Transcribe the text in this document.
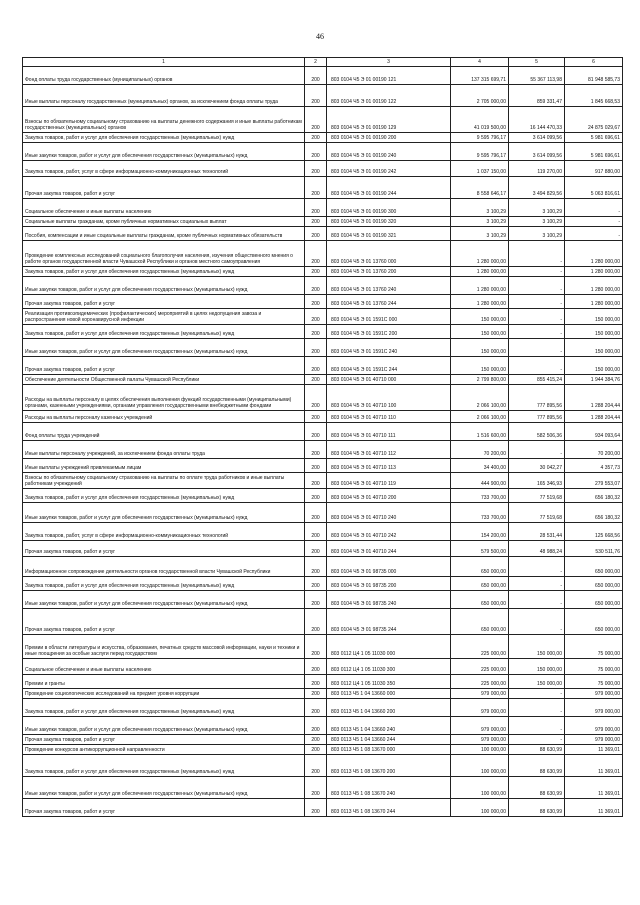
46
1	2	3	4	5	6
Фонд оплаты труда государственных (муниципальных) органов	200	803 0104 Ч5 Э 01 00190 121	137 315 699,71	55 367 113,98	81 948 585,73
Иные выплаты персоналу государственных (муниципальных) органов, за исключением фонда оплаты труда	200	803 0104 Ч5 Э 01 00190 122	2 705 000,00	859 331,47	1 845 668,53
Взносы по обязательному социальному страхованию на выплаты денежного содержания и иные выплаты работникам государственных (муниципальных) органов	200	803 0104 Ч5 Э 01 00190 129	41 019 500,00	16 144 470,33	24 875 029,67
Закупка товаров, работ и услуг для обеспечения государственных (муниципальных) нужд	200	803 0104 Ч5 Э 01 00190 200	9 595 796,17	3 614 099,56	5 981 696,61
Иные закупки товаров, работ и услуг для обеспечения государственных (муниципальных) нужд	200	803 0104 Ч5 Э 01 00190 240	9 595 796,17	3 614 099,56	5 981 696,61
Закупка товаров, работ, услуг в сфере информационно-коммуникационных технологий	200	803 0104 Ч5 Э 01 00190 242	1 037 150,00	119 270,00	917 880,00
Прочая закупка товаров, работ и услуг	200	803 0104 Ч5 Э 01 00190 244	8 558 646,17	3 494 829,56	5 063 816,61
Социальное обеспечение и иные выплаты населению	200	803 0104 Ч5 Э 01 00190 300	3 100,29	3 100,29	-
Социальные выплаты гражданам, кроме публичных нормативных социальных выплат	200	803 0104 Ч5 Э 01 00190 320	3 100,29	3 100,29	-
Пособия, компенсации и иные социальные выплаты гражданам, кроме публичных нормативных обязательств	200	803 0104 Ч5 Э 01 00190 321	3 100,29	3 100,29	-
Проведение комплексных исследований социального благополучия населения, изучения общественного мнения о работе органов государственной власти Чувашской Республики и органов местного самоуправления	200	803 0104 Ч5 Э 01 13760 000	1 280 000,00	-	1 280 000,00
Закупка товаров, работ и услуг для обеспечения государственных (муниципальных) нужд	200	803 0104 Ч5 Э 01 13760 200	1 280 000,00	-	1 280 000,00
Иные закупки товаров, работ и услуг для обеспечения государственных (муниципальных) нужд	200	803 0104 Ч5 Э 01 13760 240	1 280 000,00	-	1 280 000,00
Прочая закупка товаров, работ и услуг	200	803 0104 Ч5 Э 01 13760 244	1 280 000,00	-	1 280 000,00
Реализация противоэпидемических (профилактических) мероприятий в целях недопущения завоза и распространения новой коронавирусной инфекции	200	803 0104 Ч5 Э 01 1591С 000	150 000,00	-	150 000,00
Закупка товаров, работ и услуг для обеспечения государственных (муниципальных) нужд	200	803 0104 Ч5 Э 01 1591С 200	150 000,00	-	150 000,00
Иные закупки товаров, работ и услуг для обеспечения государственных (муниципальных) нужд	200	803 0104 Ч5 Э 01 1591С 240	150 000,00	-	150 000,00
Прочая закупка товаров, работ и услуг	200	803 0104 Ч5 Э 01 1591С 244	150 000,00	-	150 000,00
Обеспечение деятельности Общественной палаты Чувашской Республики	200	803 0104 Ч5 Э 01 40710 000	2 799 800,00	855 415,24	1 944 384,76
Расходы на выплаты персоналу в целях обеспечения выполнения функций государственными (муниципальными) органами, казенными учреждениями, органами управления государственными внебюджетными фондами	200	803 0104 Ч5 Э 01 40710 100	2 066 100,00	777 895,56	1 288 204,44
Расходы на выплаты персоналу казенных учреждений	200	803 0104 Ч5 Э 01 40710 110	2 066 100,00	777 895,56	1 288 204,44
Фонд оплаты труда учреждений	200	803 0104 Ч5 Э 01 40710 111	1 516 600,00	582 506,36	934 093,64
Иные выплаты персоналу учреждений, за исключением фонда оплаты труда	200	803 0104 Ч5 Э 01 40710 112	70 200,00	-	70 200,00
Иные выплаты учреждений привлекаемым лицам	200	803 0104 Ч5 Э 01 40710 113	34 400,00	30 042,27	4 357,73
Взносы по обязательному социальному страхованию на выплаты по оплате труда работников и иные выплаты работникам учреждений	200	803 0104 Ч5 Э 01 40710 119	444 900,00	165 346,93	279 553,07
Закупка товаров, работ и услуг для обеспечения государственных (муниципальных) нужд	200	803 0104 Ч5 Э 01 40710 200	733 700,00	77 519,68	656 180,32
Иные закупки товаров, работ и услуг для обеспечения государственных (муниципальных) нужд	200	803 0104 Ч5 Э 01 40710 240	733 700,00	77 519,68	656 180,32
Закупка товаров, работ, услуг в сфере информационно-коммуникационных технологий	200	803 0104 Ч5 Э 01 40710 242	154 200,00	28 531,44	125 668,56
Прочая закупка товаров, работ и услуг	200	803 0104 Ч5 Э 01 40710 244	579 500,00	48 988,24	530 511,76
Информационное сопровождение деятельности органов государственной власти Чувашской Республики	200	803 0104 Ч5 Э 01 98735 000	650 000,00	-	650 000,00
Закупка товаров, работ и услуг для обеспечения государственных (муниципальных) нужд	200	803 0104 Ч5 Э 01 98735 200	650 000,00	-	650 000,00
Иные закупки товаров, работ и услуг для обеспечения государственных (муниципальных) нужд	200	803 0104 Ч5 Э 01 98735 240	650 000,00	-	650 000,00
Прочая закупка товаров, работ и услуг	200	803 0104 Ч5 Э 01 98735 244	650 000,00	-	650 000,00
Премии в области литературы и искусства, образования, печатных средств массовой информации, науки и техники и иные поощрения за особые заслуги перед государством	200	803 0112 Ц4 1 05 11030 000	225 000,00	150 000,00	75 000,00
Социальное обеспечение и иные выплаты населению	200	803 0112 Ц4 1 05 11030 300	225 000,00	150 000,00	75 000,00
Премии и гранты	200	803 0112 Ц4 1 05 11030 350	225 000,00	150 000,00	75 000,00
Проведение социологических исследований на предмет уровня коррупции	200	803 0113 Ч5 1 04 13660 000	979 000,00	-	979 000,00
Закупка товаров, работ и услуг для обеспечения государственных (муниципальных) нужд	200	803 0113 Ч5 1 04 13660 200	979 000,00	-	979 000,00
Иные закупки товаров, работ и услуг для обеспечения государственных (муниципальных) нужд	200	803 0113 Ч5 1 04 13660 240	979 000,00	-	979 000,00
Прочая закупка товаров, работ и услуг	200	803 0113 Ч5 1 04 13660 244	979 000,00	-	979 000,00
Проведение конкурсов антикоррупционной направленности	200	803 0113 Ч5 1 08 13670 000	100 000,00	88 630,99	11 369,01
Закупка товаров, работ и услуг для обеспечения государственных (муниципальных) нужд	200	803 0113 Ч5 1 08 13670 200	100 000,00	88 630,99	11 369,01
Иные закупки товаров, работ и услуг для обеспечения государственных (муниципальных) нужд	200	803 0113 Ч5 1 08 13670 240	100 000,00	88 630,99	11 369,01
Прочая закупка товаров, работ и услуг	200	803 0113 Ч5 1 08 13670 244	100 000,00	88 630,99	11 369,01
